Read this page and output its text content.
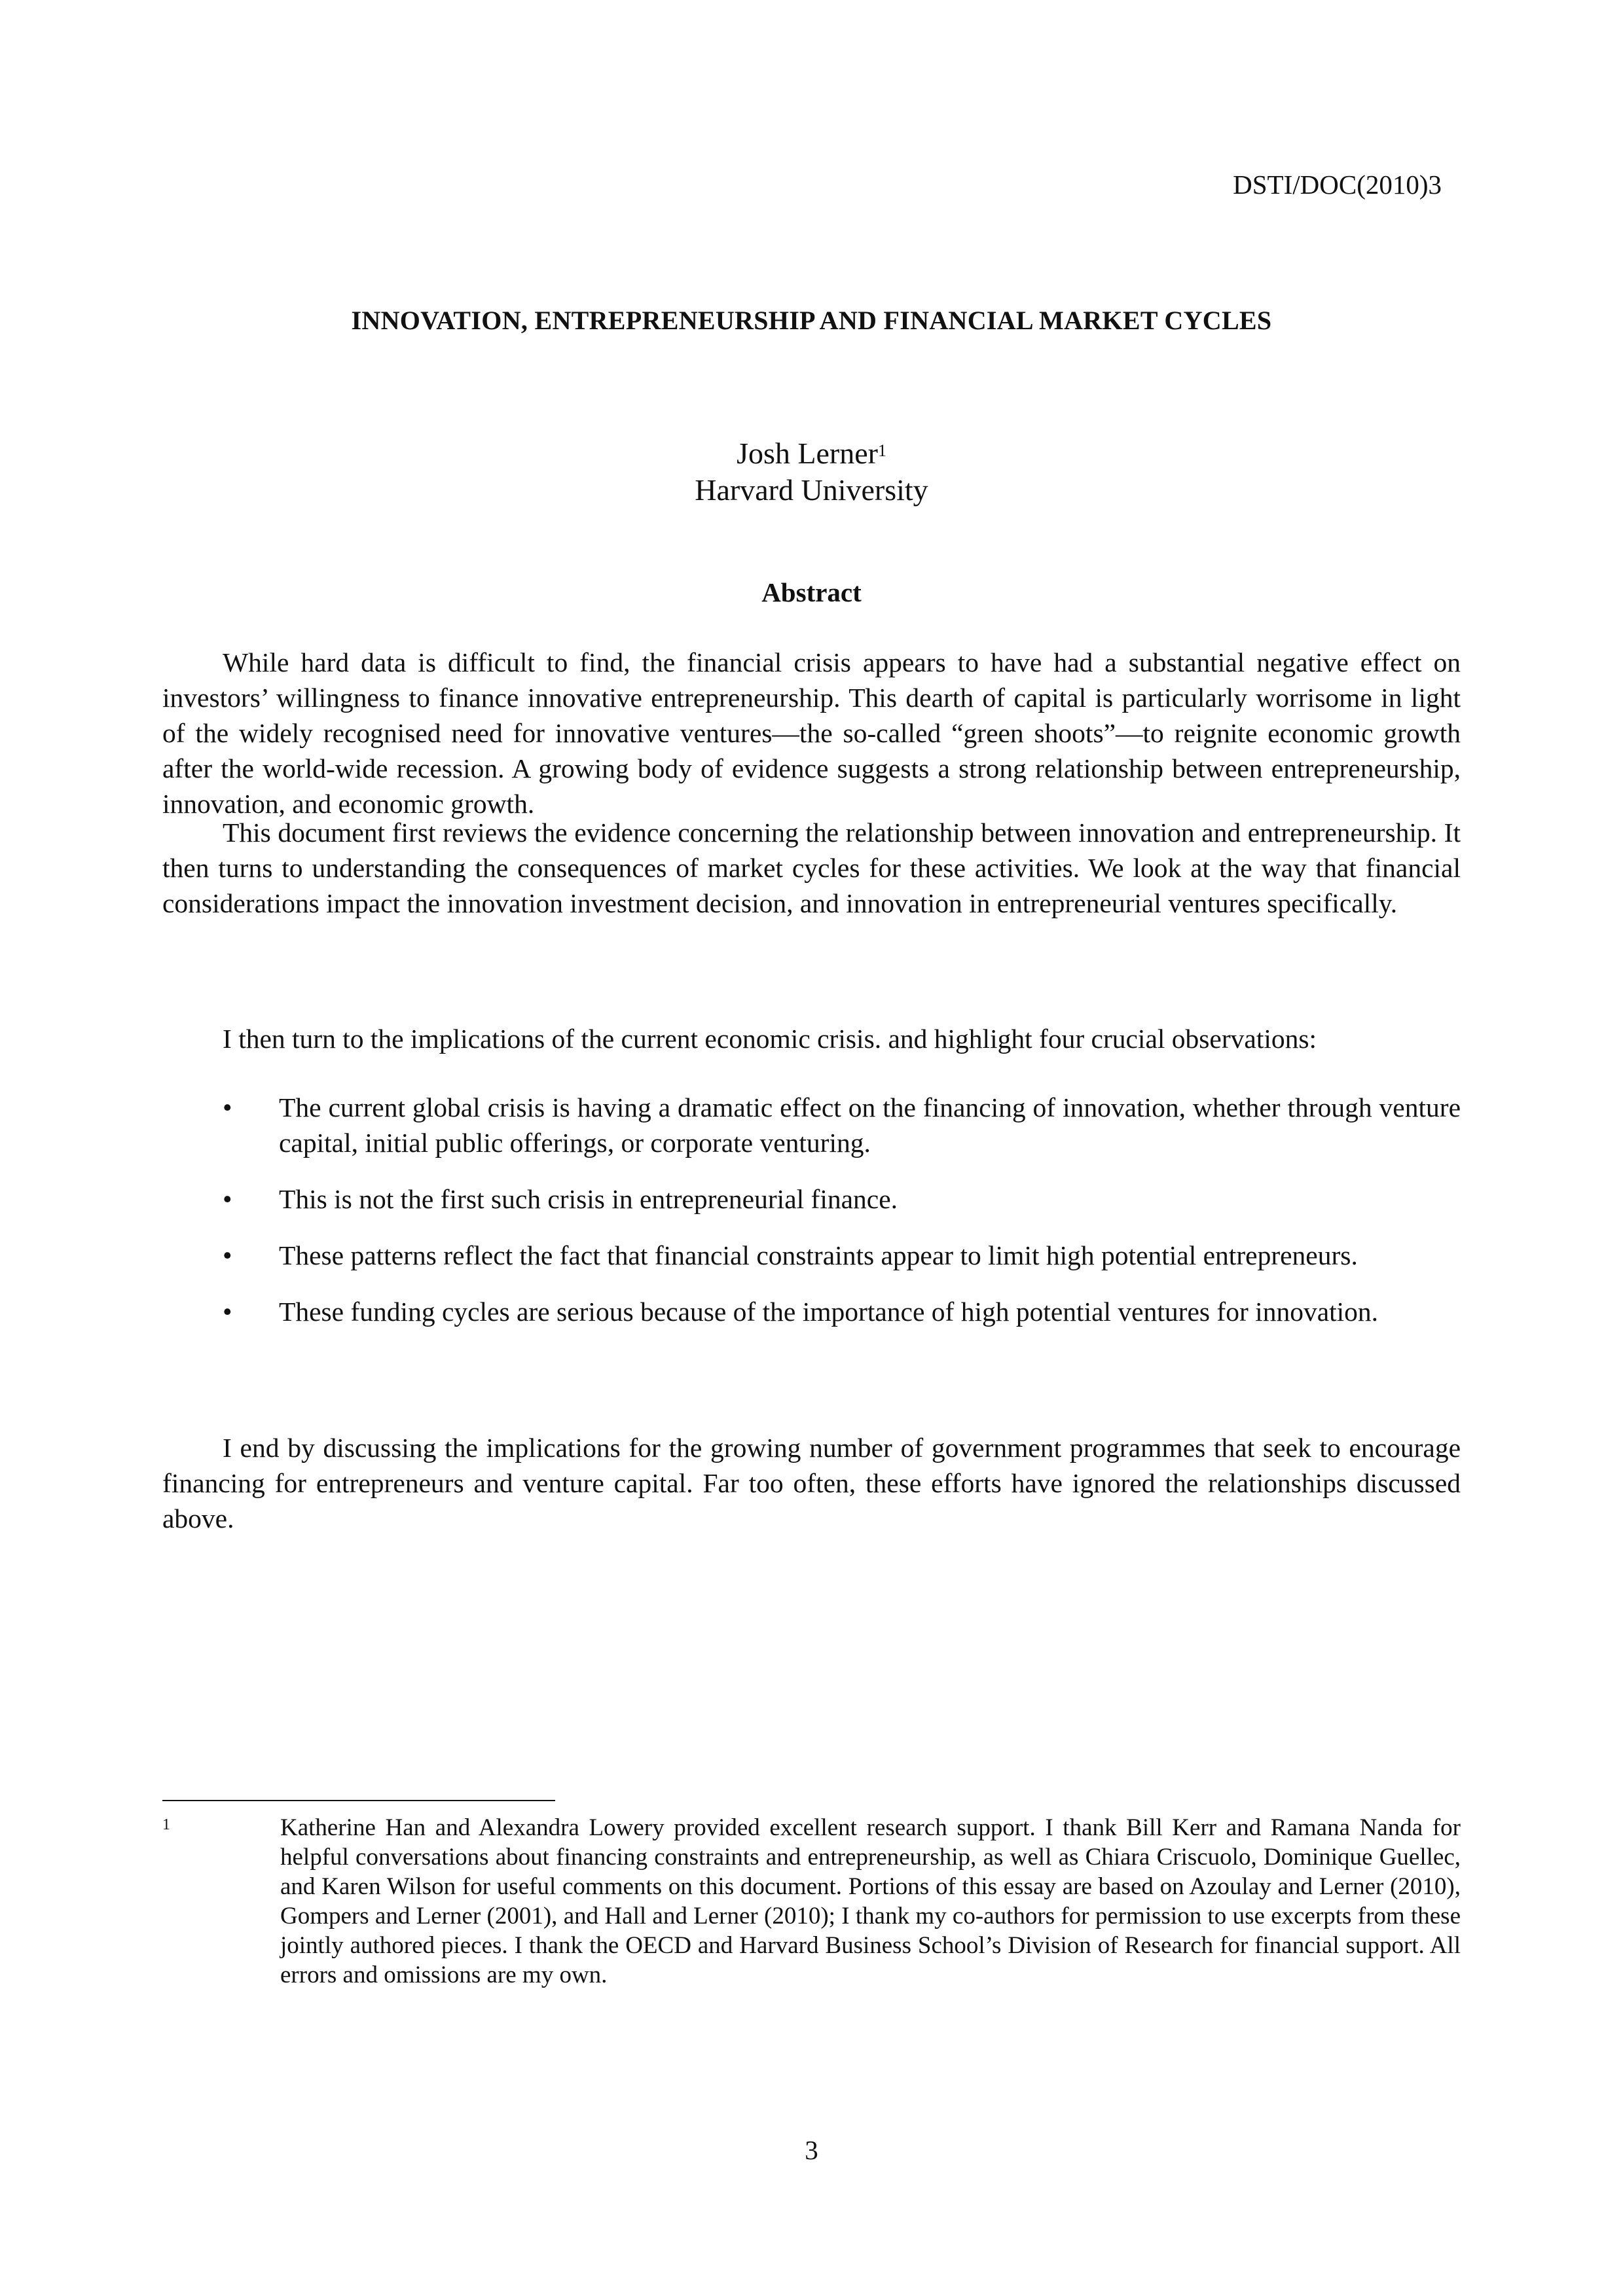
DSTI/DOC(2010)3
INNOVATION, ENTREPRENEURSHIP AND FINANCIAL MARKET CYCLES
Josh Lerner$^1$
Harvard University
Abstract

While hard data is difficult to find, the financial crisis appears to have had a substantial negative effect on investors’ willingness to finance innovative entrepreneurship. This dearth of capital is particularly worrisome in light of the widely recognised need for innovative ventures—the so-called “green shoots”—to reignite economic growth after the world-wide recession. A growing body of evidence suggests a strong relationship between entrepreneurship, innovation, and economic growth.

This document first reviews the evidence concerning the relationship between innovation and entrepreneurship. It then turns to understanding the consequences of market cycles for these activities. We look at the way that financial considerations impact the innovation investment decision, and innovation in entrepreneurial ventures specifically.

I then turn to the implications of the current economic crisis. and highlight four crucial observations:

•	The current global crisis is having a dramatic effect on the financing of innovation, whether through venture capital, initial public offerings, or corporate venturing.
•	This is not the first such crisis in entrepreneurial finance.
•	These patterns reflect the fact that financial constraints appear to limit high potential entrepreneurs.
•	These funding cycles are serious because of the importance of high potential ventures for innovation.

I end by discussing the implications for the growing number of government programmes that seek to encourage financing for entrepreneurs and venture capital. Far too often, these efforts have ignored the relationships discussed above.

1	Katherine Han and Alexandra Lowery provided excellent research support. I thank Bill Kerr and Ramana Nanda for helpful conversations about financing constraints and entrepreneurship, as well as Chiara Criscuolo, Dominique Guellec, and Karen Wilson for useful comments on this document. Portions of this essay are based on Azoulay and Lerner (2010), Gompers and Lerner (2001), and Hall and Lerner (2010); I thank my co-authors for permission to use excerpts from these jointly authored pieces. I thank the OECD and Harvard Business School’s Division of Research for financial support. All errors and omissions are my own.

3
